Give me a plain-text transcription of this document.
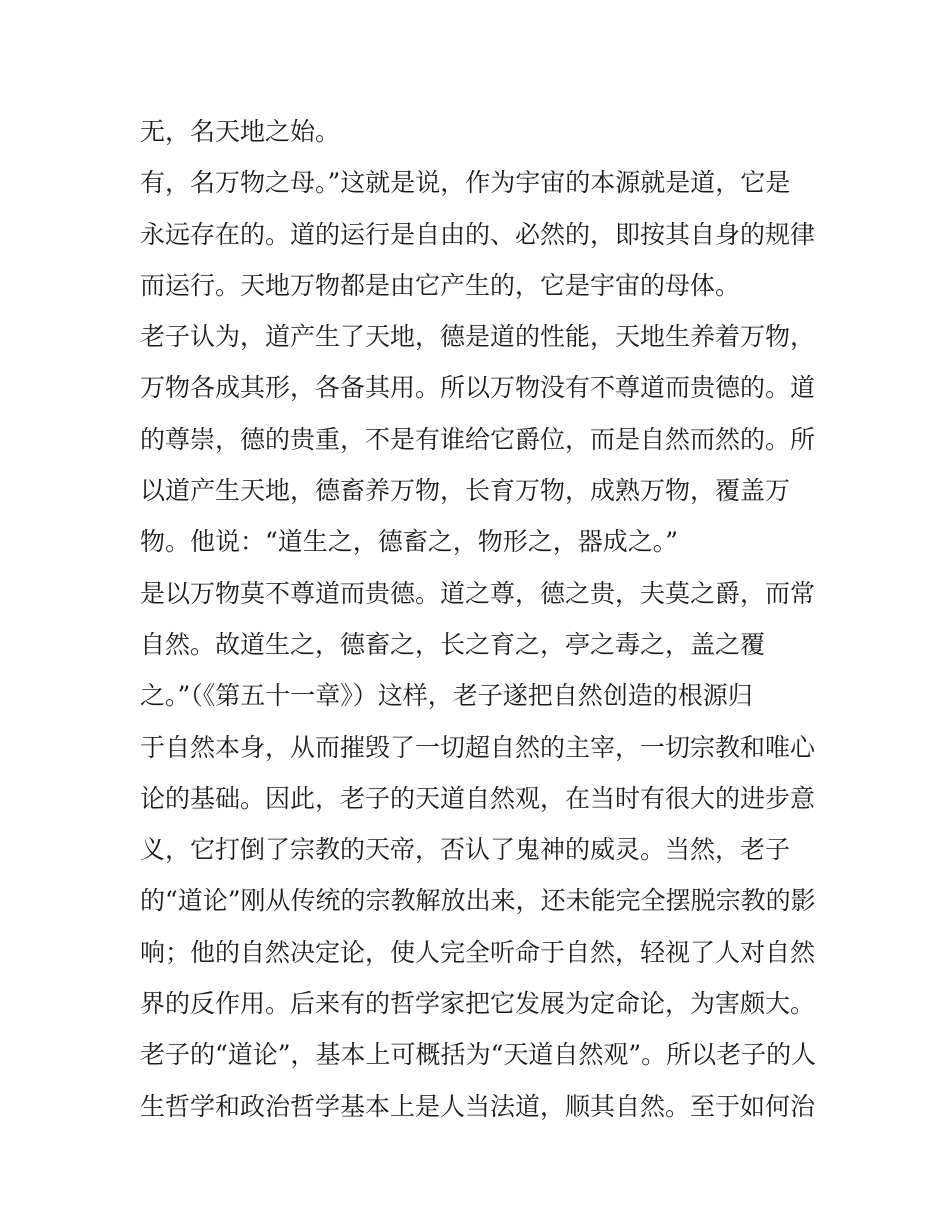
无，名天地之始。
有，名万物之母。”这就是说，作为宇宙的本源就是道，它是
永远存在的。道的运行是自由的、必然的，即按其自身的规律
而运行。天地万物都是由它产生的，它是宇宙的母体。
老子认为，道产生了天地，德是道的性能，天地生养着万物，
万物各成其形，各备其用。所以万物没有不尊道而贵德的。道
的尊崇，德的贵重，不是有谁给它爵位，而是自然而然的。所
以道产生天地，德畜养万物，长育万物，成熟万物，覆盖万
物。他说：“道生之，德畜之，物形之，器成之。”
是以万物莫不尊道而贵德。道之尊，德之贵，夫莫之爵，而常
自然。故道生之，德畜之，长之育之，亭之毒之，盖之覆
之。”（《第五十一章》）这样，老子遂把自然创造的根源归
于自然本身，从而摧毁了一切超自然的主宰，一切宗教和唯心
论的基础。因此，老子的天道自然观，在当时有很大的进步意
义，它打倒了宗教的天帝，否认了鬼神的威灵。当然，老子
的“道论”刚从传统的宗教解放出来，还未能完全摆脱宗教的影
响；他的自然决定论，使人完全听命于自然，轻视了人对自然
界的反作用。后来有的哲学家把它发展为定命论，为害颇大。
老子的“道论”，基本上可概括为“天道自然观”。所以老子的人
生哲学和政治哲学基本上是人当法道，顺其自然。至于如何治
